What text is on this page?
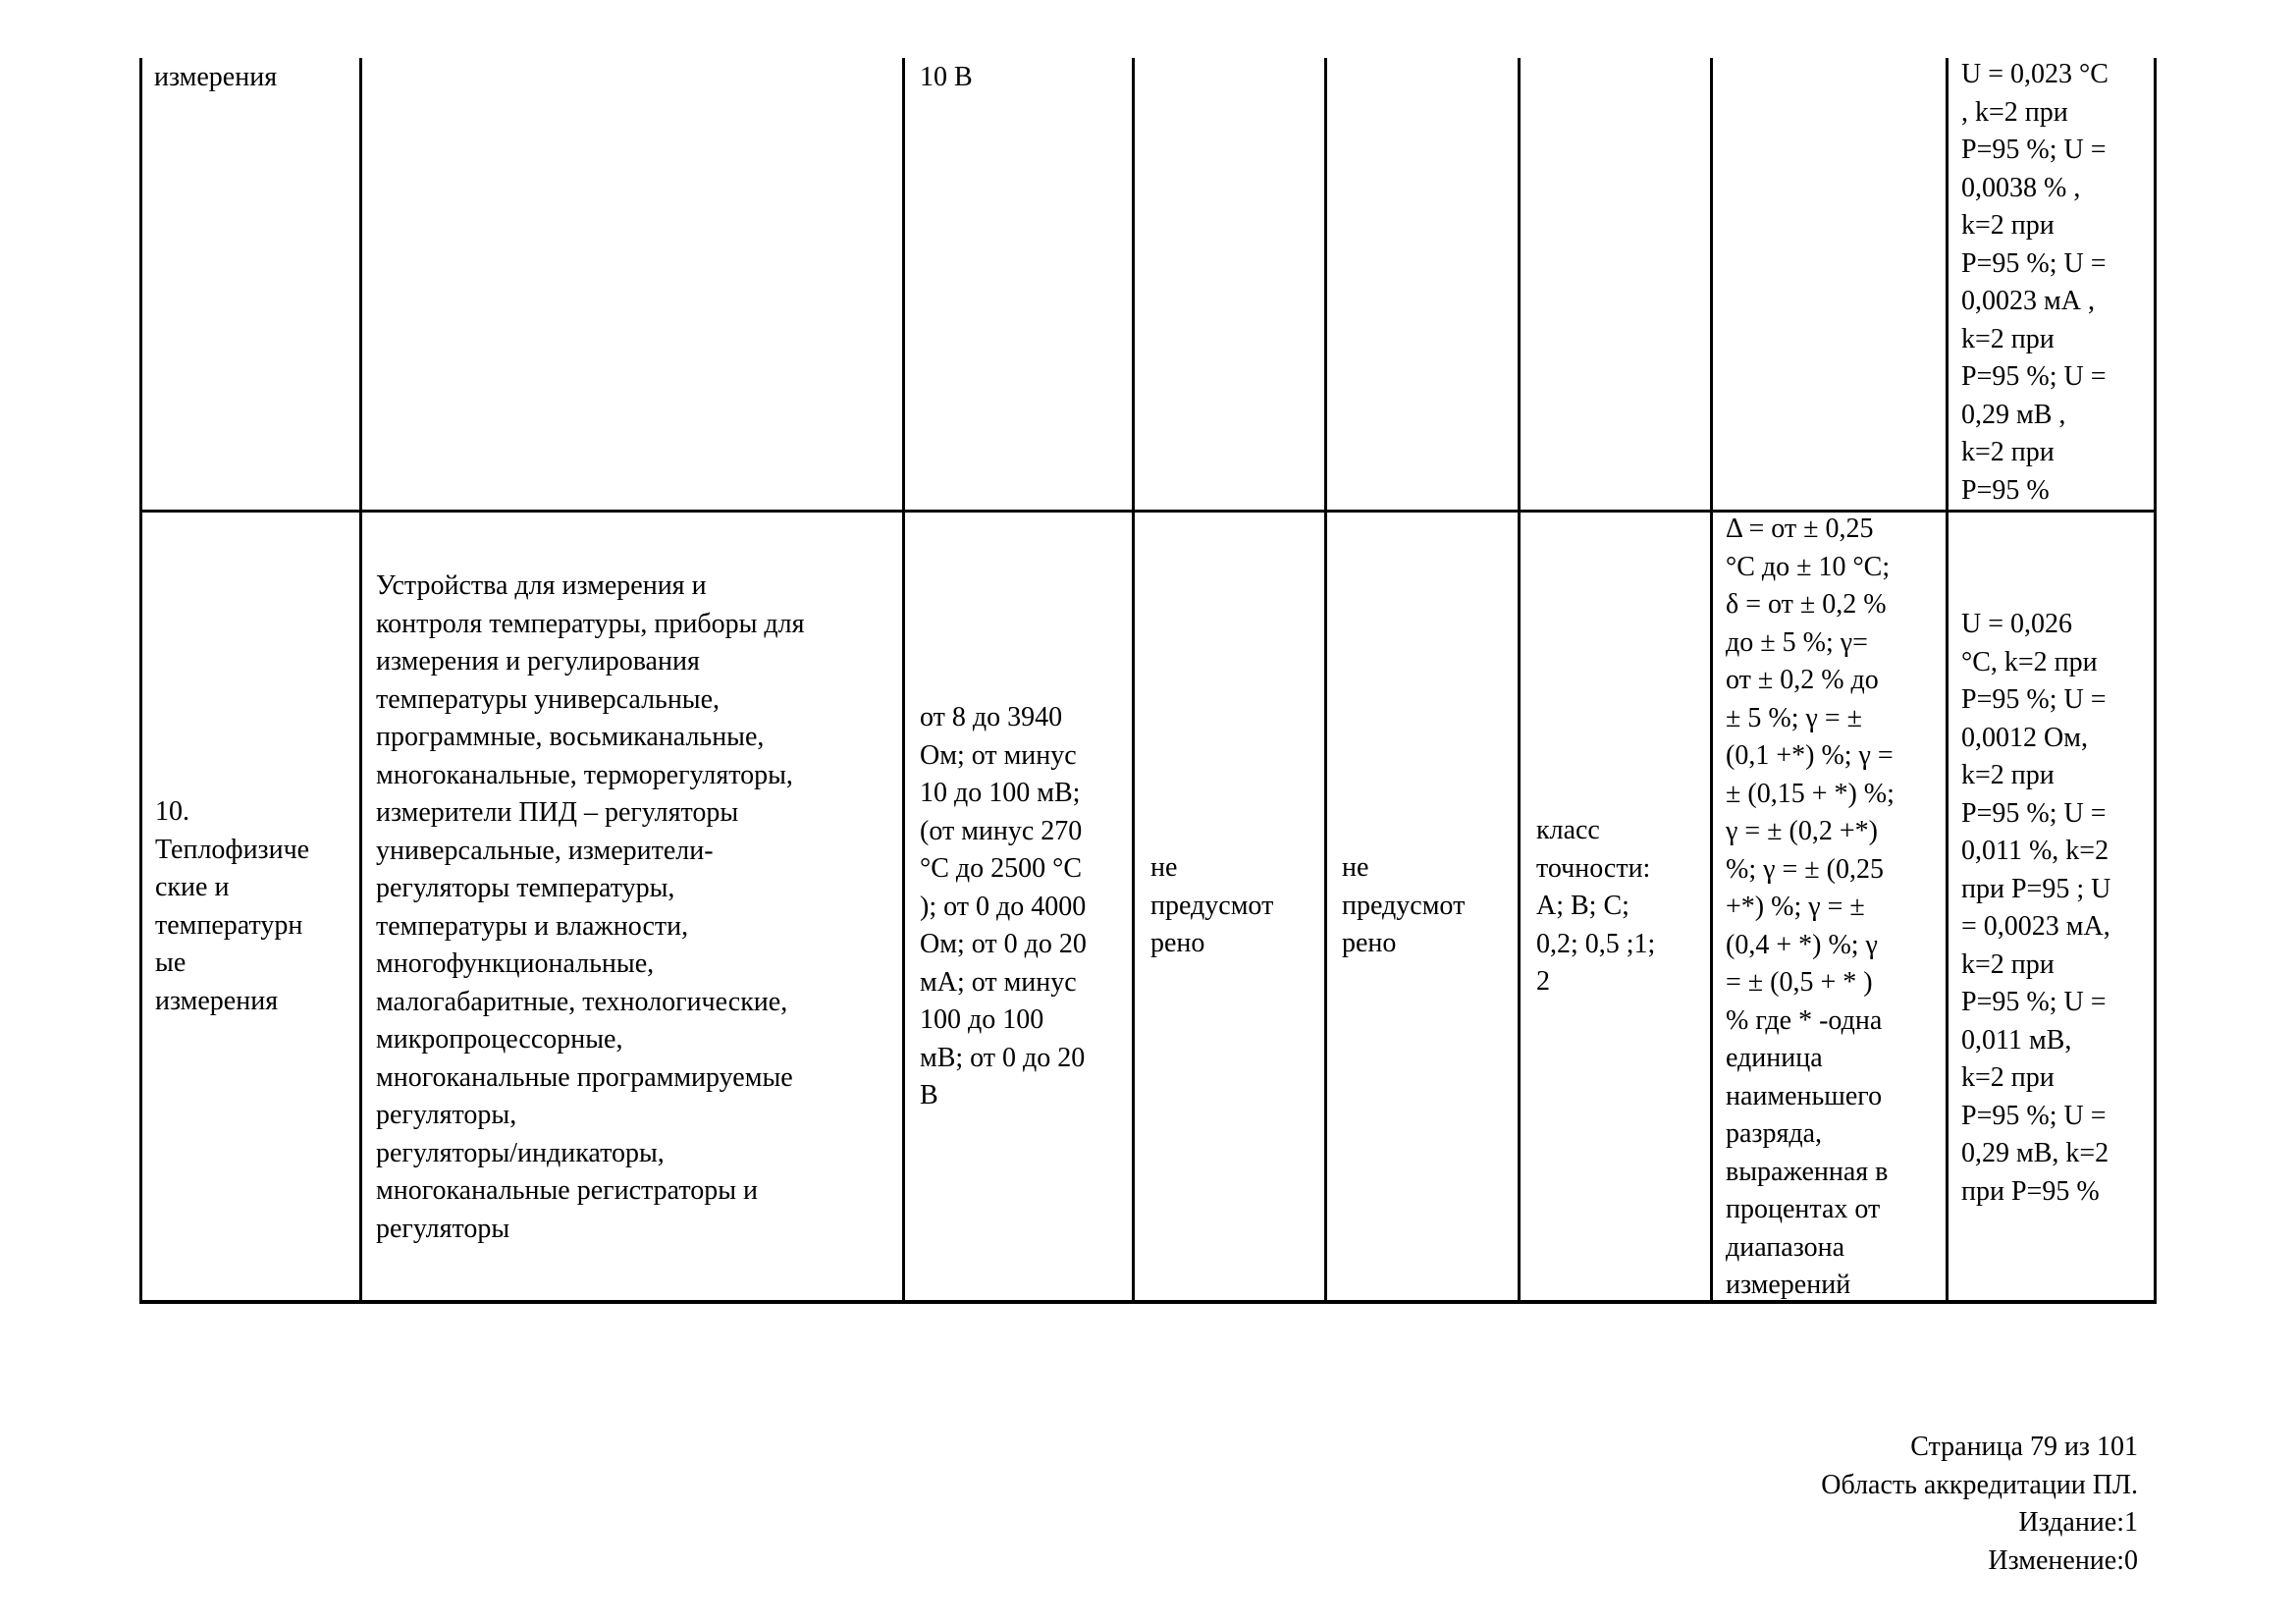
измерения	10 В	U = 0,023 °C
, k=2 при
Р=95 %; U =
0,0038 % ,
k=2 при
Р=95 %; U =
0,0023 мА ,
k=2 при
Р=95 %; U =
0,29 мВ ,
k=2 при
Р=95 %
10.
Теплофизиче
ские и
температурн
ые
измерения
Устройства для измерения и
контроля температуры, приборы для
измерения и регулирования
температуры универсальные,
программные, восьмиканальные,
многоканальные, терморегуляторы,
измерители ПИД – регуляторы
универсальные, измерители-
регуляторы температуры,
температуры и влажности,
многофункциональные,
малогабаритные, технологические,
микропроцессорные,
многоканальные программируемые
регуляторы,
регуляторы/индикаторы,
многоканальные регистраторы и
регуляторы
от 8 до 3940
Ом; от минус
10 до 100 мВ;
(от минус 270
°С до 2500 °С
); от 0 до 4000
Ом; от 0 до 20
мА; от минус
100 до 100
мВ; от 0 до 20
В
не
предусмот
рено
не
предусмот
рено
класс
точности:
А; В; С;
0,2; 0,5 ;1;
2
Δ = от ± 0,25
°С до ± 10 °С;
δ = от ± 0,2 %
до ± 5 %; γ=
от ± 0,2 % до
± 5 %; γ = ±
(0,1 +*) %; γ =
± (0,15 + *) %;
γ = ± (0,2 +*)
%; γ = ± (0,25
+*) %; γ = ±
(0,4 + *) %; γ
= ± (0,5 + * )
% где * -одна
единица
наименьшего
разряда,
выраженная в
процентах от
диапазона
измерений
U = 0,026
°C, k=2 при
Р=95 %; U =
0,0012 Ом,
k=2 при
Р=95 %; U =
0,011 %, k=2
при Р=95 ; U
= 0,0023 мА,
k=2 при
Р=95 %; U =
0,011 мВ,
k=2 при
Р=95 %; U =
0,29 мВ, k=2
при Р=95 %
Страница 79 из 101
Область аккредитации ПЛ.
Издание:1
Изменение:0
